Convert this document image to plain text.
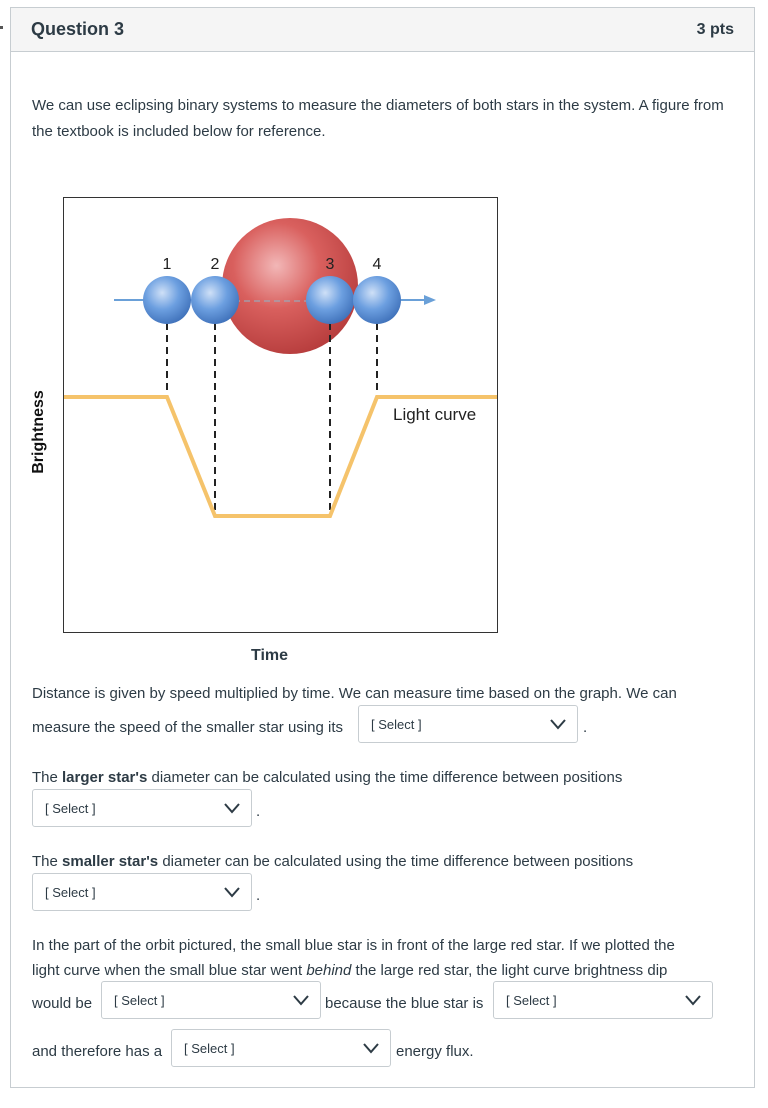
Question 3	3 pts

We can use eclipsing binary systems to measure the diameters of both stars in the system. A figure from the textbook is included below for reference.

1 2	3 4
Light curve
Brightness
Time
Distance is given by speed multiplied by time. We can measure time based on the graph. We can
measure the speed of the smaller star using its [ Select ]	.
The larger star's diameter can be calculated using the time difference between positions
[ Select ]	.
The smaller star's diameter can be calculated using the time difference between positions
[ Select ]	.
In the part of the orbit pictured, the small blue star is in front of the large red star. If we plotted the
light curve when the small blue star went behind the large red star, the light curve brightness dip
would be [ Select ]	because the blue star is [ Select ]
and therefore has a [ Select ]	energy flux.
